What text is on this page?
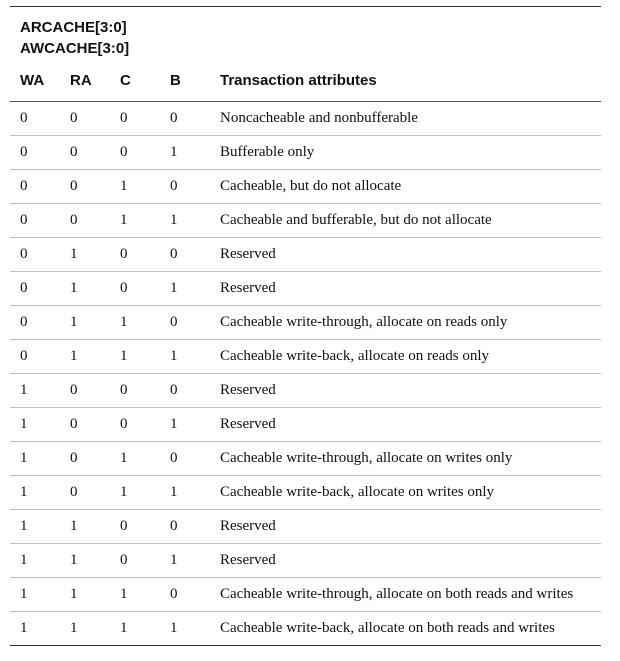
ARCACHE[3:0]
AWCACHE[3:0]				

WA	RA	C	B	Transaction attributes
0	0	0	0	Noncacheable and nonbufferable
0	0	0	1	Bufferable only
0	0	1	0	Cacheable, but do not allocate
0	0	1	1	Cacheable and bufferable, but do not allocate
0	1	0	0	Reserved
0	1	0	1	Reserved
0	1	1	0	Cacheable write-through, allocate on reads only
0	1	1	1	Cacheable write-back, allocate on reads only
1	0	0	0	Reserved
1	0	0	1	Reserved
1	0	1	0	Cacheable write-through, allocate on writes only
1	0	1	1	Cacheable write-back, allocate on writes only
1	1	0	0	Reserved
1	1	0	1	Reserved
1	1	1	0	Cacheable write-through, allocate on both reads and writes
1	1	1	1	Cacheable write-back, allocate on both reads and writes
